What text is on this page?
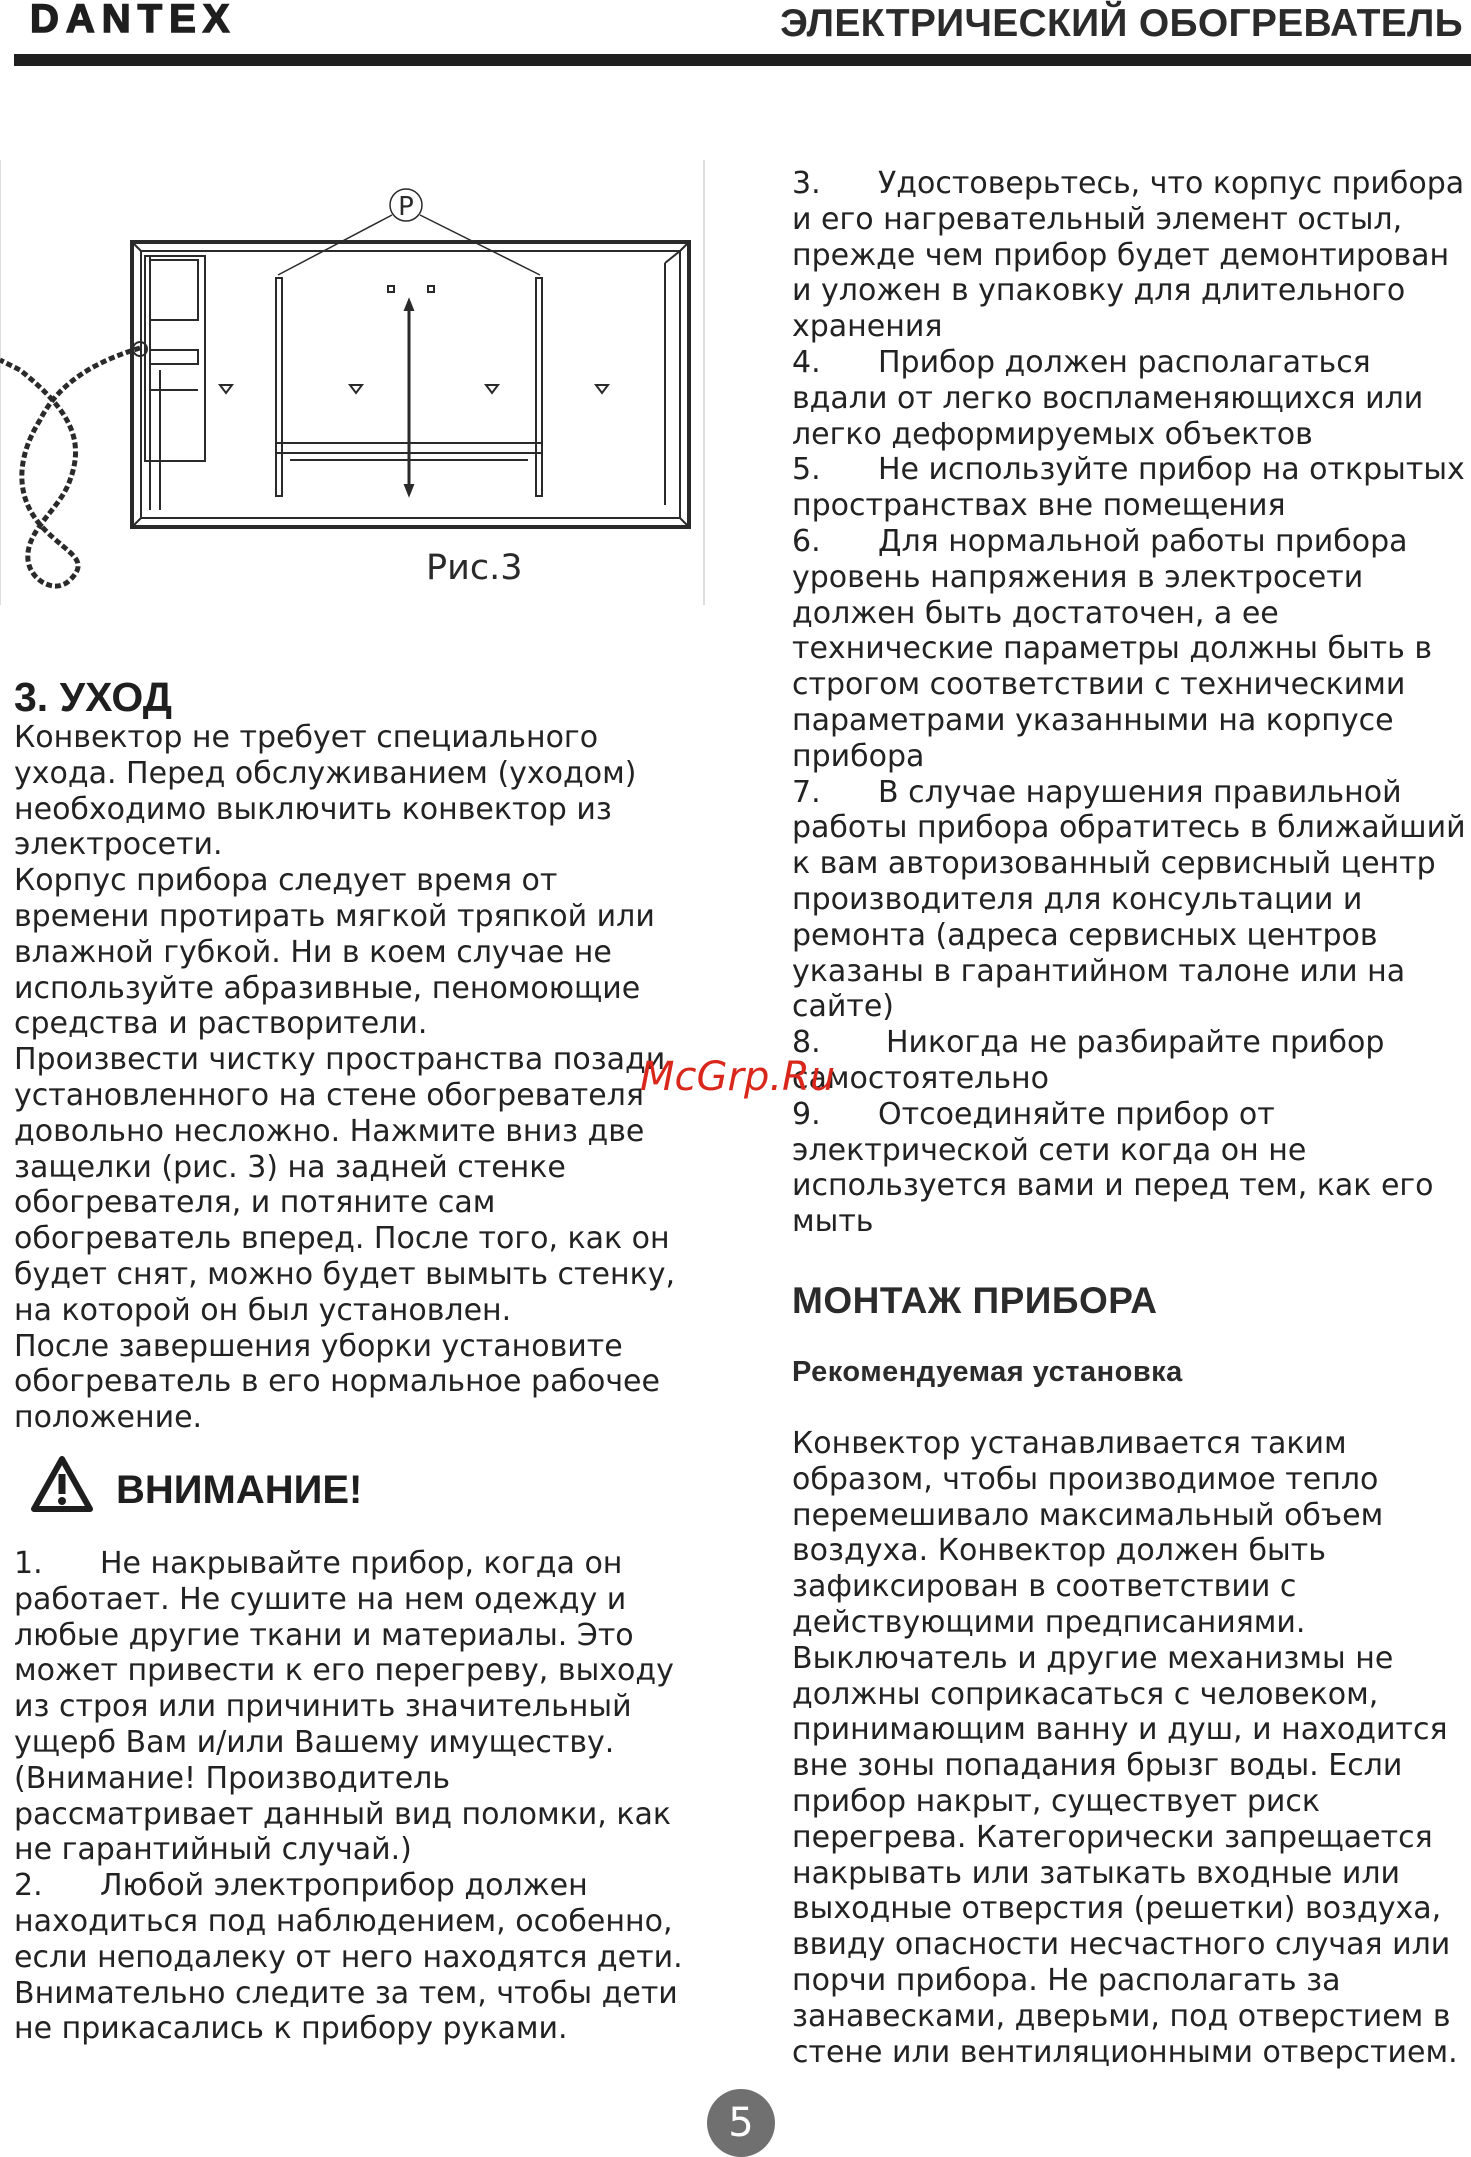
DANTEX	ЭЛЕКТРИЧЕСКИЙ ОБОГРЕВАТЕЛЬ
P
Рис.3
3. УХОД

Конвектор не требует специального
ухода. Перед обслуживанием (уходом)
необходимо выключить конвектор из
электросети.

Корпус прибора следует время от
времени протирать мягкой тряпкой или
влажной губкой. Ни в коем случае не
используйте абразивные, пеномоющие
средства и растворители.

Произвести чистку пространства позади
установленного на стене обогревателя
довольно несложно. Нажмите вниз две
защелки (рис. 3) на задней стенке
обогревателя, и потяните сам
обогреватель вперед. После того, как он
будет снят, можно будет вымыть стенку,
на которой он был установлен.

После завершения уборки установите
обогреватель в его нормальное рабочее
положение.

ВНИМАНИЕ!
1. Не накрывайте прибор, когда он
работает. Не сушите на нем одежду и
любые другие ткани и материалы. Это
может привести к его перегреву, выходу
из строя или причинить значительный
ущерб Вам и/или Вашему имуществу.
(Внимание! Производитель
рассматривает данный вид поломки, как
не гарантийный случай.)
2. Любой электроприбор должен
находиться под наблюдением, особенно,
если неподалеку от него находятся дети.
Внимательно следите за тем, чтобы дети
не прикасались к прибору руками.
3. Удостоверьтесь, что корпус прибора
и его нагревательный элемент остыл,
прежде чем прибор будет демонтирован
и уложен в упаковку для длительного
хранения
4. Прибор должен располагаться
вдали от легко воспламеняющихся или
легко деформируемых объектов
5. Не используйте прибор на открытых
пространствах вне помещения
6. Для нормальной работы прибора
уровень напряжения в электросети
должен быть достаточен, а ее
технические параметры должны быть в
строгом соответствии с техническими
параметрами указанными на корпусе
прибора
7. В случае нарушения правильной
работы прибора обратитесь в ближайший
к вам авторизованный сервисный центр
производителя для консультации и
ремонта (адреса сервисных центров
указаны в гарантийном талоне или на
сайте)
8. Никогда не разбирайте прибор
самостоятельно
9. Отсоединяйте прибор от
электрической сети когда он не
используется вами и перед тем, как его
мыть
МОНТАЖ ПРИБОРА
Рекомендуемая установка
Конвектор устанавливается таким
образом, чтобы производимое тепло
перемешивало максимальный объем
воздуха. Конвектор должен быть
зафиксирован в соответствии с
действующими предписаниями.
Выключатель и другие механизмы не
должны соприкасаться с человеком,
принимающим ванну и душ, и находится
вне зоны попадания брызг воды. Если
прибор накрыт, существует риск
перегрева. Категорически запрещается
накрывать или затыкать входные или
выходные отверстия (решетки) воздуха,
ввиду опасности несчастного случая или
порчи прибора. Не располагать за
занавесками, дверьми, под отверстием в
стене или вентиляционными отверстием.
McGrp.Ru
5
